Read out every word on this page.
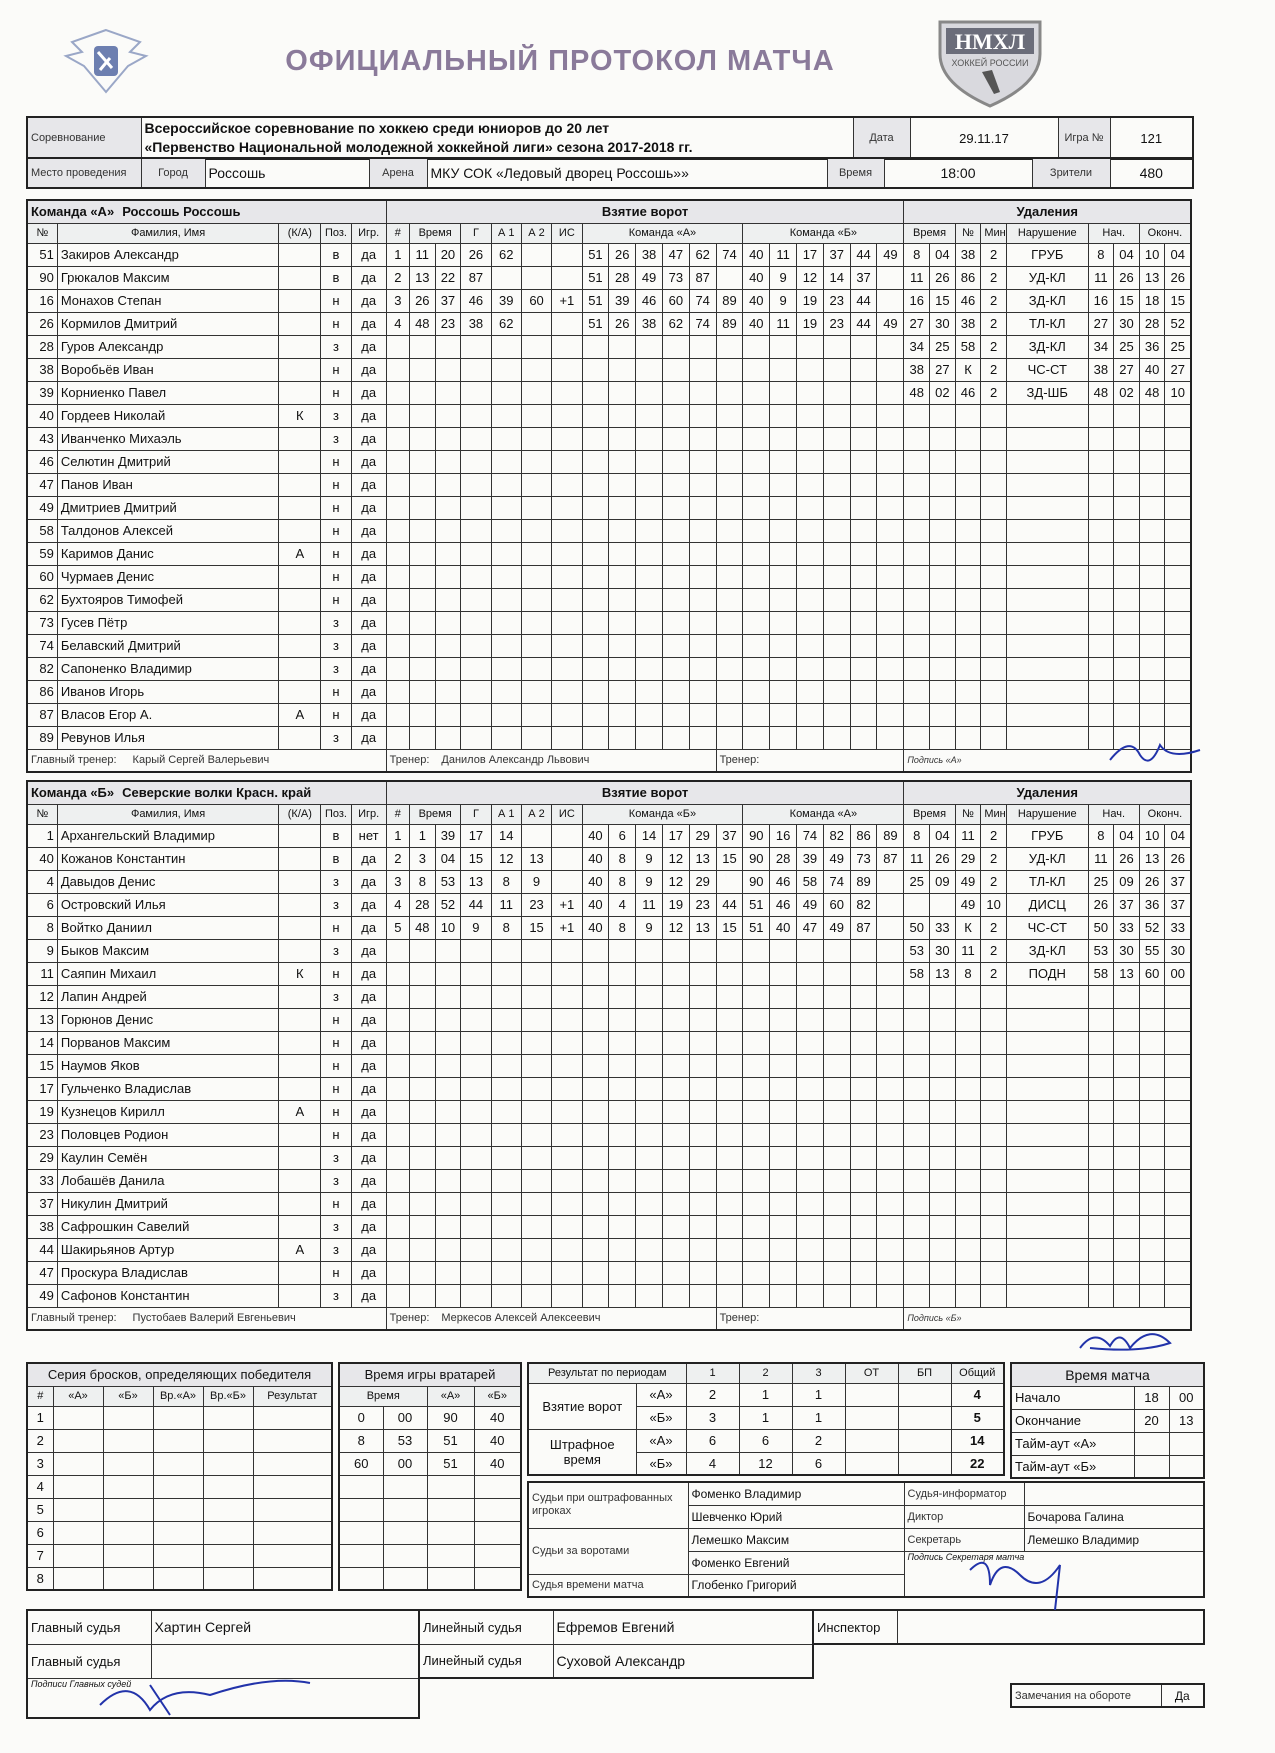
ОФИЦИАЛЬНЫЙ ПРОТОКОЛ МАТЧА
НМХЛ
ХОККЕЙ РОССИИ
Соревнование	
Всероссийское соревнование по хоккею среди юниоров до 20 лет
«Первенство Национальной молодежной хоккейной лиги» сезона 2017-2018 гг.
	Дата	29.11.17	Игра №	121
Место проведения	Город	Россошь	Арена	МКУ СОК «Ледовый дворец Россошь»»	Время	18:00	Зрители	480
Команда «А» Россошь Россошь					Взятие ворот																			Удаления								
№	Фамилия, Имя	(К/А)	Поз.	Игр.	#	Время		Г	А 1	А 2	ИС	Команда «А»						Команда «Б»						Время		№	Мин	Нарушение	Нач.		Оконч.	
51	Закиров Александр		в	да	1	11	20	26	62			51	26	38	47	62	74	40	11	17	37	44	49	8	04	38	2	ГРУБ	8	04	10	04
90	Грюкалов Максим		в	да	2	13	22	87				51	28	49	73	87		40	9	12	14	37		11	26	86	2	УД-КЛ	11	26	13	26
16	Монахов Степан		н	да	3	26	37	46	39	60	+1	51	39	46	60	74	89	40	9	19	23	44		16	15	46	2	ЗД-КЛ	16	15	18	15
26	Кормилов Дмитрий		н	да	4	48	23	38	62			51	26	38	62	74	89	40	11	19	23	44	49	27	30	38	2	ТЛ-КЛ	27	30	28	52
28	Гуров Александр		з	да																				34	25	58	2	ЗД-КЛ	34	25	36	25
38	Воробьёв Иван		н	да																				38	27	К	2	ЧС-СТ	38	27	40	27
39	Корниенко Павел		н	да																				48	02	46	2	ЗД-ШБ	48	02	48	10
40	Гордеев Николай	К	з	да																												
43	Иванченко Михаэль		з	да																												
46	Селютин Дмитрий		н	да																												
47	Панов Иван		н	да																												
49	Дмитриев Дмитрий		н	да																												
58	Талдонов Алексей		н	да																												
59	Каримов Данис	А	н	да																												
60	Чурмаев Денис		н	да																												
62	Бухтояров Тимофей		н	да																												
73	Гусев Пётр		з	да																												
74	Белавский Дмитрий		з	да																												
82	Сапоненко Владимир		з	да																												
86	Иванов Игорь		н	да																												
87	Власов Егор А.	А	н	да																												
89	Ревунов Илья		з	да																												
Главный тренер: Карый Сергей Валерьевич					Тренер: Данилов Александр Львович												Тренер:							Подпись «А»								
Команда «Б» Северские волки Красн. край					Взятие ворот																			Удаления								
№	Фамилия, Имя	(К/А)	Поз.	Игр.	#	Время		Г	А 1	А 2	ИС	Команда «Б»						Команда «А»						Время		№	Мин	Нарушение	Нач.		Оконч.	
1	Архангельский Владимир		в	нет	1	1	39	17	14			40	6	14	17	29	37	90	16	74	82	86	89	8	04	11	2	ГРУБ	8	04	10	04
40	Кожанов Константин		в	да	2	3	04	15	12	13		40	8	9	12	13	15	90	28	39	49	73	87	11	26	29	2	УД-КЛ	11	26	13	26
4	Давыдов Денис		з	да	3	8	53	13	8	9		40	8	9	12	29		90	46	58	74	89		25	09	49	2	ТЛ-КЛ	25	09	26	37
6	Островский Илья		з	да	4	28	52	44	11	23	+1	40	4	11	19	23	44	51	46	49	60	82				49	10	ДИСЦ	26	37	36	37
8	Войтко Даниил		н	да	5	48	10	9	8	15	+1	40	8	9	12	13	15	51	40	47	49	87		50	33	К	2	ЧС-СТ	50	33	52	33
9	Быков Максим		з	да																				53	30	11	2	ЗД-КЛ	53	30	55	30
11	Саяпин Михаил	К	н	да																				58	13	8	2	ПОДН	58	13	60	00
12	Лапин Андрей		з	да																												
13	Горюнов Денис		н	да																												
14	Порванов Максим		н	да																												
15	Наумов Яков		н	да																												
17	Гульченко Владислав		н	да																												
19	Кузнецов Кирилл	А	н	да																												
23	Половцев Родион		н	да																												
29	Каулин Семён		з	да																												
33	Лобашёв Данила		з	да																												
37	Никулин Дмитрий		н	да																												
38	Сафрошкин Савелий		з	да																												
44	Шакирьянов Артур	А	з	да																												
47	Проскура Владислав		н	да																												
49	Сафонов Константин		з	да																												
Главный тренер: Пустобаев Валерий Евгеньевич					Тренер: Меркесов Алексей Алексеевич												Тренер:							Подпись «Б»								
Серия бросков, определяющих победителя					
#	«А»	«Б»	Вр.«А»	Вр.«Б»	Результат
1					
2					
3					
4					
5					
6					
7					
8					
Время игры вратарей			
Время		«А»	«Б»
0	00	90	40
8	53	51	40
60	00	51	40

Результат по периодам		1	2	3	ОТ	БП	Общий
Взятие ворот	«А»	2	1	1			4
	«Б»	3	1	1			5
Штрафное время	«А»	6	6	2			14
	«Б»	4	12	6			22
Судьи при оштрафованных игроках	Фоменко Владимир	Судья-информатор	
	Шевченко Юрий	Диктор	Бочарова Галина
Судьи за воротами	Лемешко Максим	Секретарь	Лемешко Владимир
	Фоменко Евгений	Подпись Секретаря матча	
Судья времени матча	Глобенко Григорий		
Время матча		
Начало	18	00
Окончание	20	13
Тайм-аут «А»		
Тайм-аут «Б»		
Главный судья	Хартин Сергей
Главный судья	
Подписи Главных судей	
Линейный судья	Ефремов Евгений
Линейный судья	Суховой Александр
Инспектор	
Замечания на обороте	Да
